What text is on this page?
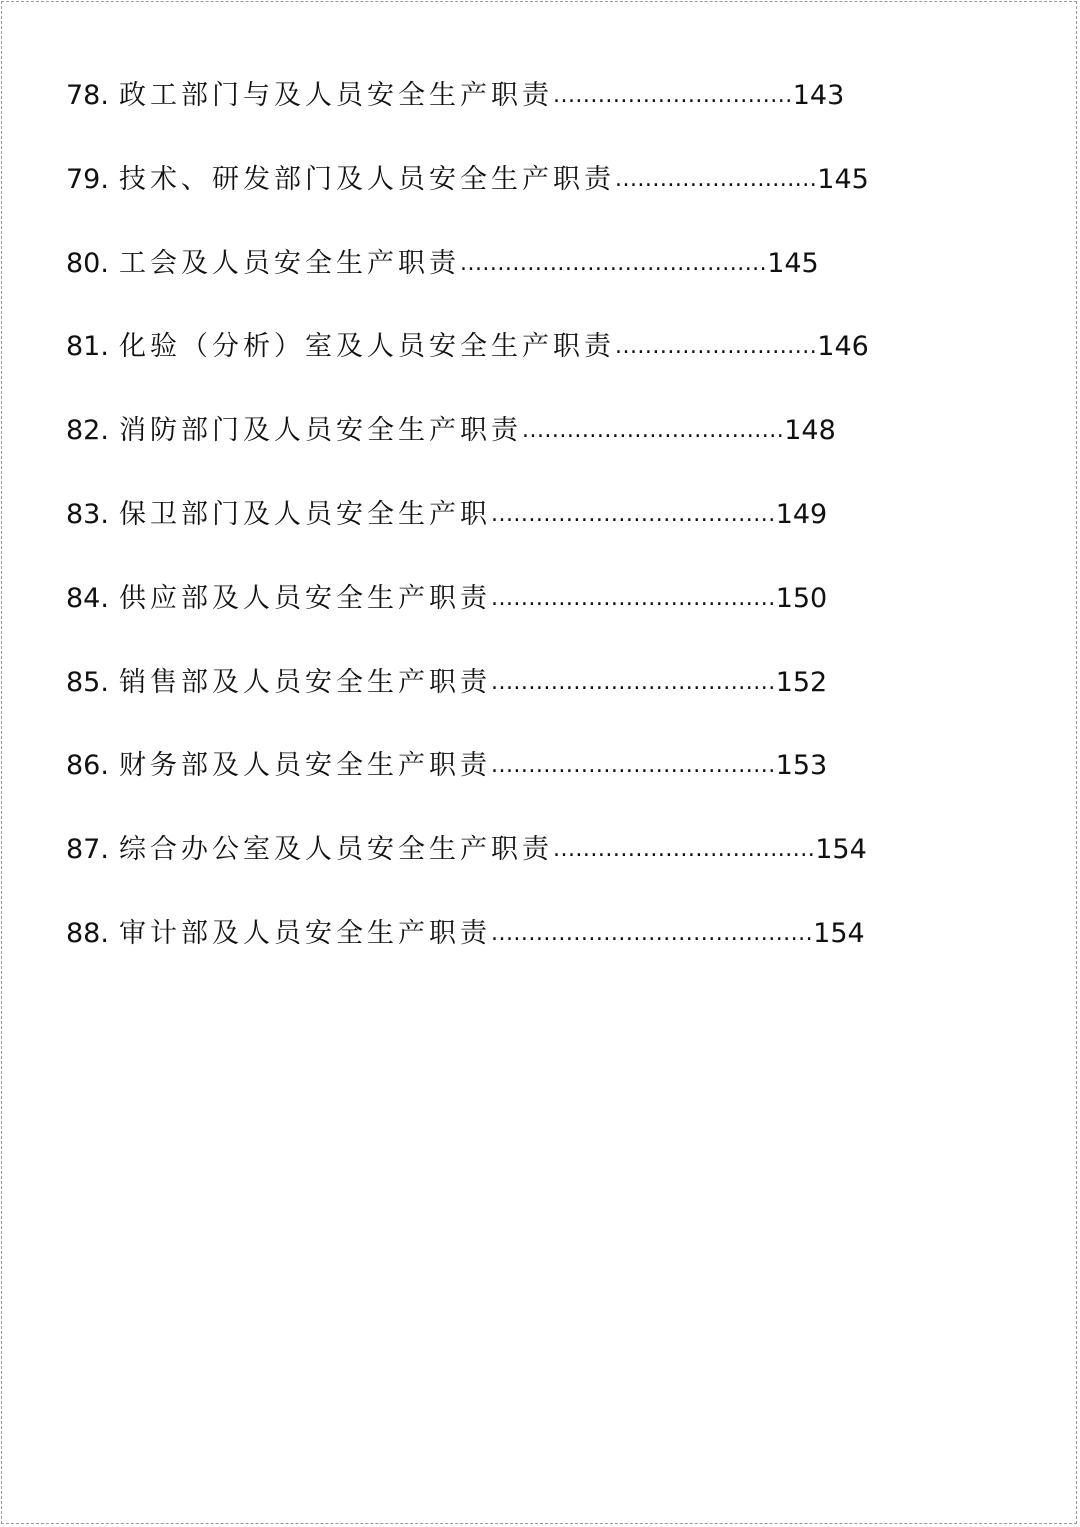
78. 政工部门与及人员安全生产职责 ................................ 143
79. 技术、研发部门及人员安全生产职责 ........................... 145
80. 工会及人员安全生产职责 ......................................... 145
81. 化验（分析）室及人员安全生产职责 ........................... 146
82. 消防部门及人员安全生产职责 ................................... 148
83. 保卫部门及人员安全生产职 ...................................... 149
84. 供应部及人员安全生产职责 ...................................... 150
85. 销售部及人员安全生产职责 ...................................... 152
86. 财务部及人员安全生产职责 ...................................... 153
87. 综合办公室及人员安全生产职责 ................................... 154
88. 审计部及人员安全生产职责 ........................................... 154
